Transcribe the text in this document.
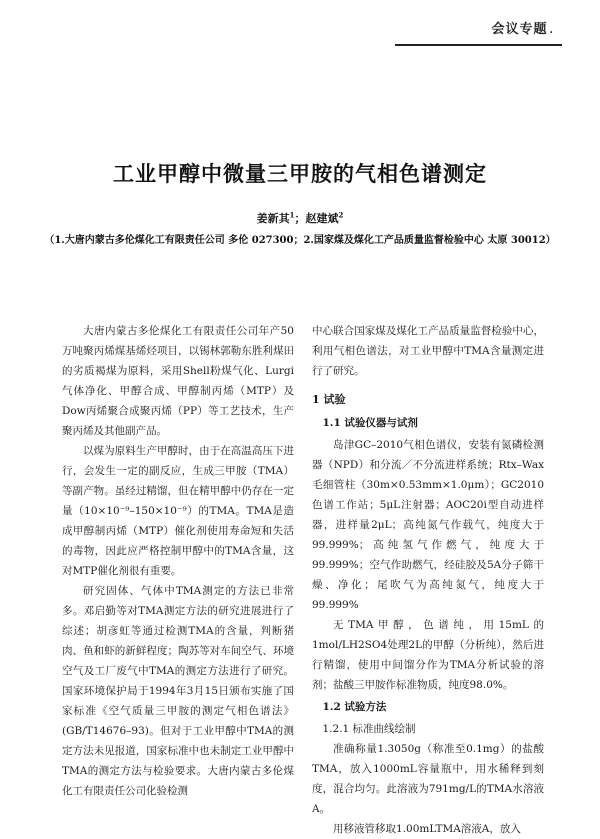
会议专题 .
工业甲醇中微量三甲胺的气相色谱测定
姜新其$^1$；赵建斌$^2$
（1.大唐内蒙古多伦煤化工有限责任公司 多伦 027300；2.国家煤及煤化工产品质量监督检验中心 太原 30012）

大唐内蒙古多伦煤化工有限责任公司年产50万吨聚丙烯煤基烯烃项目，以锡林郭勒东胜利煤田的劣质褐煤为原料，采用Shell粉煤气化、Lurgi气体净化、甲醇合成、甲醇制丙烯（MTP）及Dow丙烯聚合成聚丙烯（PP）等工艺技术，生产聚丙烯及其他副产品。

以煤为原料生产甲醇时，由于在高温高压下进行，会发生一定的副反应，生成三甲胺（TMA）等副产物。虽经过精馏，但在精甲醇中仍存在一定量（10×10⁻⁹–150×10⁻⁹）的TMA。TMA是造成甲醇制丙烯（MTP）催化剂使用寿命短和失活的毒物，因此应严格控制甲醇中的TMA含量，这对MTP催化剂很有重要。

研究固体、气体中TMA测定的方法已非常多。邓启勤等对TMA测定方法的研究进展进行了综述；胡彦虹等通过检测TMA的含量，判断猪肉、鱼和虾的新鲜程度；陶苏等对车间空气、环境空气及工厂废气中TMA的测定方法进行了研究。国家环境保护局于1994年3月15日颁布实施了国家标准《空气质量三甲胺的测定气相色谱法》(GB/T14676–93)。但对于工业甲醇中TMA的测定方法未见报道，国家标准中也未制定工业甲醇中TMA的测定方法与检验要求。大唐内蒙古多伦煤化工有限责任公司化验检测

中心联合国家煤及煤化工产品质量监督检验中心，利用气相色谱法，对工业甲醇中TMA含量测定进行了研究。

1 试验
1.1 试验仪器与试剂

岛津GC–2010气相色谱仪，安装有氮磷检测器（NPD）和分流／不分流进样系统；Rtx–Wax毛细管柱（30m×0.53mm×1.0μm）；GC2010色谱工作站；5μL注射器；AOC20i型自动进样器，进样量2μL；高纯氮气作载气，纯度大于99.999%；高纯氢气作燃气，纯度大于99.999%；空气作助燃气，经硅胶及5A分子筛干燥、净化；尾吹气为高纯氮气，纯度大于99.999%

无TMA甲醇，色谱纯，用15mL的1mol/LH2SO4处理2L的甲醇（分析纯），然后进行精馏，使用中间馏分作为TMA分析试验的溶剂；盐酸三甲胺作标准物质，纯度98.0%。

1.2 试验方法
1.2.1 标准曲线绘制

准确称量1.3050g（称准至0.1mg）的盐酸TMA，放入1000mL容量瓶中，用水稀释到刻度，混合均匀。此溶液为791mg/L的TMA水溶液A。

用移液管移取1.00mLTMA溶液A，放入
